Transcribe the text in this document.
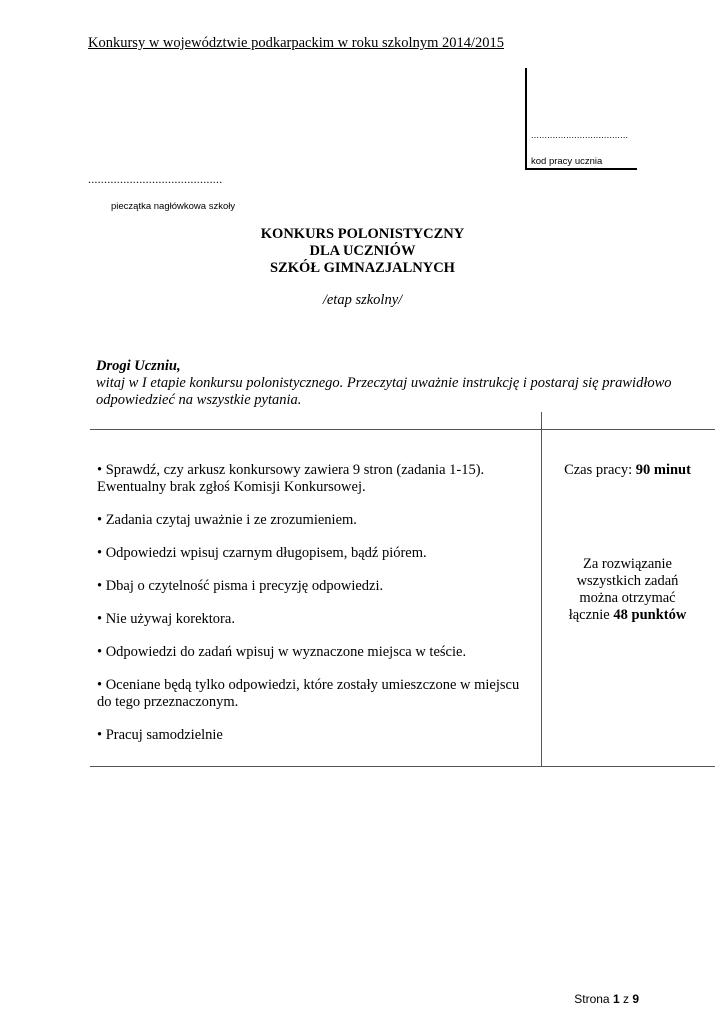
Konkursy w województwie podkarpackim w roku szkolnym 2014/2015
....................................
kod pracy ucznia
..........................................
pieczątka nagłówkowa szkoły
KONKURS POLONISTYCZNY
DLA UCZNIÓW
SZKÓŁ GIMNAZJALNYCH
/etap szkolny/
Drogi Uczniu,
witaj w I etapie konkursu polonistycznego. Przeczytaj uważnie instrukcję i postaraj się prawidłowo odpowiedzieć na wszystkie pytania.
• Sprawdź, czy arkusz konkursowy zawiera 9 stron (zadania 1-15). Ewentualny brak zgłoś Komisji Konkursowej.
• Zadania czytaj uważnie i ze zrozumieniem.
• Odpowiedzi wpisuj czarnym długopisem, bądź piórem.
• Dbaj o czytelność pisma i precyzję odpowiedzi.
• Nie używaj korektora.
• Odpowiedzi do zadań wpisuj w wyznaczone miejsca w teście.
• Oceniane będą tylko odpowiedzi, które zostały umieszczone w miejscu do tego przeznaczonym.
• Pracuj samodzielnie
Czas pracy: 90 minut
Za rozwiązanie
wszystkich zadań
można otrzymać
łącznie 48 punktów
Strona 1 z 9
